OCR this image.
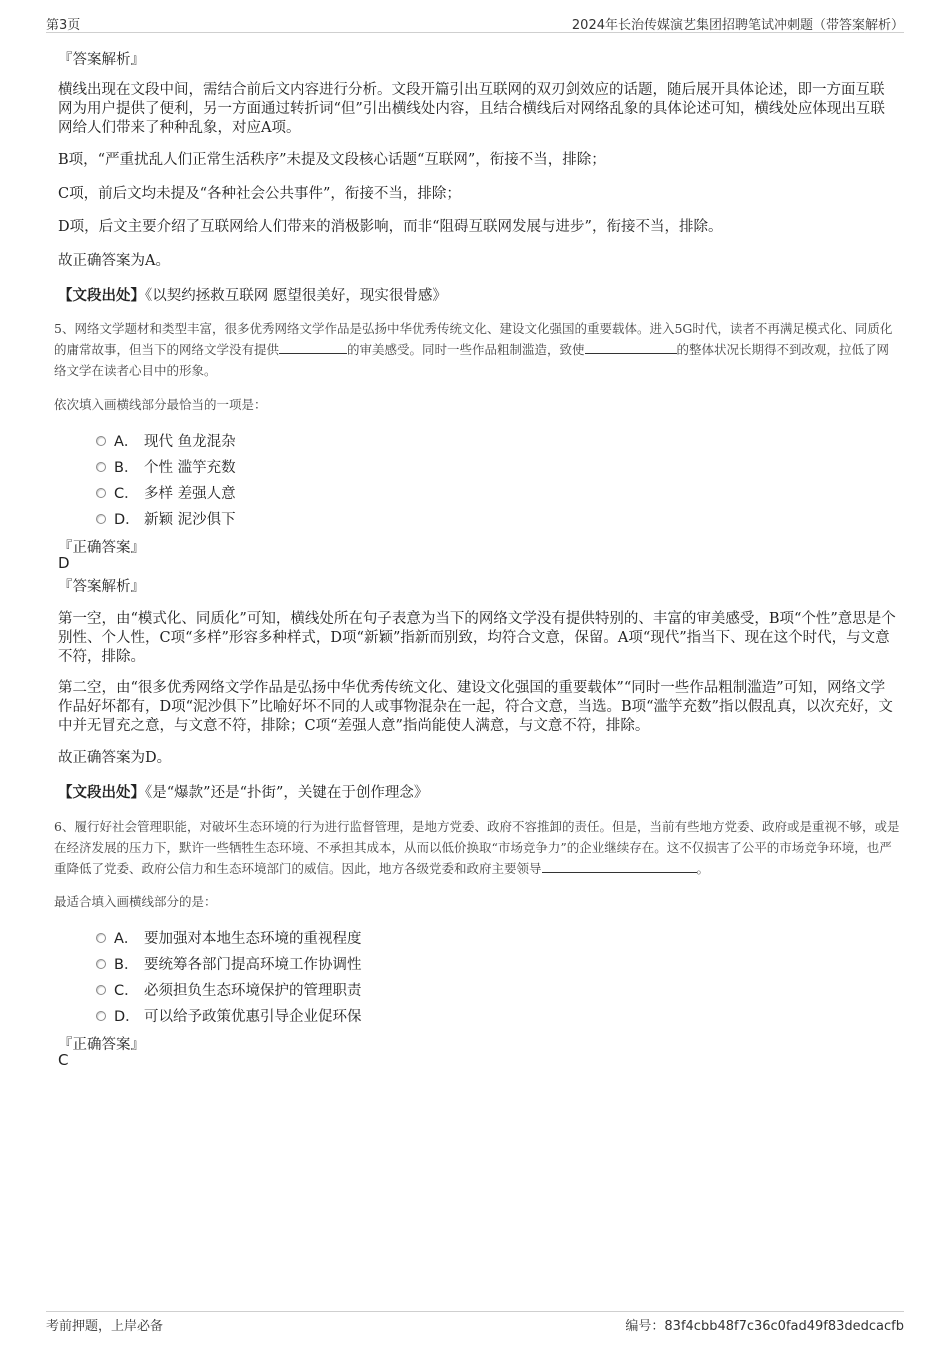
第3页	2024年长治传媒演艺集团招聘笔试冲刺题（带答案解析）
『答案解析』

横线出现在文段中间，需结合前后文内容进行分析。文段开篇引出互联网的双刃剑效应的话题，随后展开具体论述，即一方面互联网为用户提供了便利，另一方面通过转折词“但”引出横线处内容，且结合横线后对网络乱象的具体论述可知，横线处应体现出互联网给人们带来了种种乱象，对应A项。

B项，“严重扰乱人们正常生活秩序”未提及文段核心话题“互联网”，衔接不当，排除；

C项，前后文均未提及“各种社会公共事件”，衔接不当，排除；

D项，后文主要介绍了互联网给人们带来的消极影响，而非“阻碍互联网发展与进步”，衔接不当，排除。

故正确答案为A。

【文段出处】《以契约拯救互联网 愿望很美好，现实很骨感》

5、网络文学题材和类型丰富，很多优秀网络文学作品是弘扬中华优秀传统文化、建设文化强国的重要载体。进入5G时代，读者不再满足模式化、同质化的庸常故事，但当下的网络文学没有提供	的审美感受。同时一些作品粗制滥造，致使	的整体状况长期得不到改观，拉低了网络文学在读者心目中的形象。

依次填入画横线部分最恰当的一项是：

A． 现代 鱼龙混杂
B． 个性 滥竽充数
C． 多样 差强人意
D． 新颖 泥沙俱下
『正确答案』
D
『答案解析』

第一空，由“模式化、同质化”可知，横线处所在句子表意为当下的网络文学没有提供特别的、丰富的审美感受，B项“个性”意思是个别性、个人性，C项“多样”形容多种样式，D项“新颖”指新而别致，均符合文意，保留。A项“现代”指当下、现在这个时代，与文意不符，排除。

第二空，由“很多优秀网络文学作品是弘扬中华优秀传统文化、建设文化强国的重要载体”“同时一些作品粗制滥造”可知，网络文学作品好坏都有，D项“泥沙俱下”比喻好坏不同的人或事物混杂在一起，符合文意，当选。B项“滥竽充数”指以假乱真，以次充好，文中并无冒充之意，与文意不符，排除；C项“差强人意”指尚能使人满意，与文意不符，排除。

故正确答案为D。

【文段出处】《是“爆款”还是“扑街”，关键在于创作理念》

6、履行好社会管理职能，对破坏生态环境的行为进行监督管理，是地方党委、政府不容推卸的责任。但是，当前有些地方党委、政府或是重视不够，或是在经济发展的压力下，默许一些牺牲生态环境、不承担其成本，从而以低价换取“市场竞争力”的企业继续存在。这不仅损害了公平的市场竞争环境，也严重降低了党委、政府公信力和生态环境部门的威信。因此，地方各级党委和政府主要领导	。

最适合填入画横线部分的是：

A． 要加强对本地生态环境的重视程度
B． 要统筹各部门提高环境工作协调性
C． 必须担负生态环境保护的管理职责
D． 可以给予政策优惠引导企业促环保
『正确答案』
C
考前押题，上岸必备	编号：83f4cbb48f7c36c0fad49f83dedcacfb
